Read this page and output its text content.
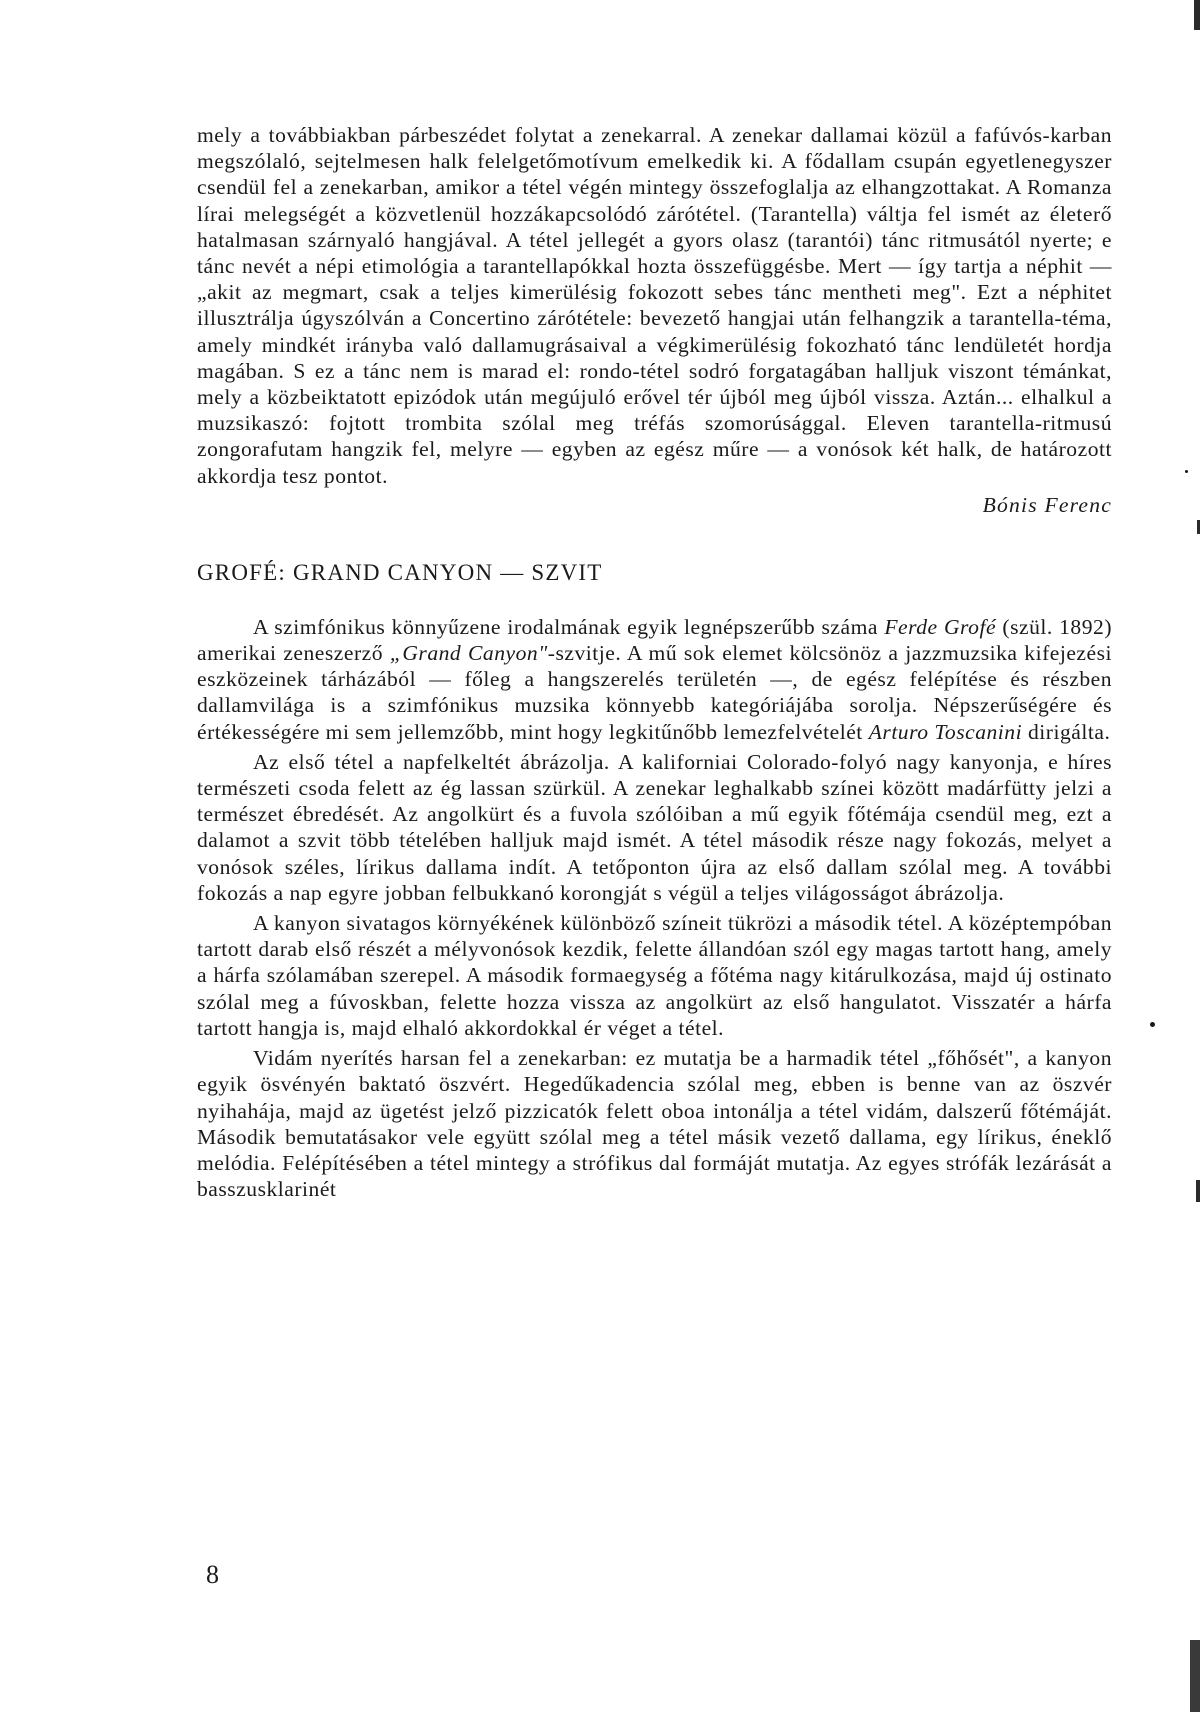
mely a továbbiakban párbeszédet folytat a zenekarral. A zenekar dallamai közül a fafúvós-karban megszólaló, sejtelmesen halk felelgetőmotívum emelkedik ki. A fődallam csupán egyetlenegyszer csendül fel a zenekarban, amikor a tétel végén mintegy összefoglalja az elhangzottakat. A Romanza lírai melegségét a közvetlenül hozzákapcsolódó zárótétel. (Tarantella) váltja fel ismét az életerő hatalmasan szárnyaló hangjával. A tétel jellegét a gyors olasz (tarantói) tánc ritmusától nyerte; e tánc nevét a népi etimológia a tarantellapókkal hozta összefüggésbe. Mert — így tartja a néphit — „akit az megmart, csak a teljes kimerülésig fokozott sebes tánc mentheti meg". Ezt a néphitet illusztrálja úgyszólván a Concertino zárótétele: bevezető hangjai után felhangzik a tarantella-téma, amely mindkét irányba való dallamugrásaival a végkimerülésig fokozható tánc lendületét hordja magában. S ez a tánc nem is marad el: rondo-tétel sodró forgatagában halljuk viszont témánkat, mely a közbeiktatott epizódok után megújuló erővel tér újból meg újból vissza. Aztán... elhalkul a muzsikaszó: fojtott trombita szólal meg tréfás szomorúsággal. Eleven tarantella-ritmusú zongorafutam hangzik fel, melyre — egyben az egész műre — a vonósok két halk, de határozott akkordja tesz pontot.

Bónis Ferenc

GROFÉ: GRAND CANYON — SZVIT

A szimfónikus könnyűzene irodalmának egyik legnépszerűbb száma Ferde Grofé (szül. 1892) amerikai zeneszerző „Grand Canyon"-szvitje. A mű sok elemet kölcsönöz a jazzmuzsika kifejezési eszközeinek tárházából — főleg a hangszerelés területén —, de egész felépítése és részben dallamvilága is a szimfónikus muzsika könnyebb kategóriájába sorolja. Népszerűségére és értékességére mi sem jellemzőbb, mint hogy legkitűnőbb lemezfelvételét Arturo Toscanini dirigálta.

Az első tétel a napfelkeltét ábrázolja. A kaliforniai Colorado-folyó nagy kanyonja, e híres természeti csoda felett az ég lassan szürkül. A zenekar leghalkabb színei között madárfütty jelzi a természet ébredését. Az angolkürt és a fuvola szólóiban a mű egyik főtémája csendül meg, ezt a dalamot a szvit több tételében halljuk majd ismét. A tétel második része nagy fokozás, melyet a vonósok széles, lírikus dallama indít. A tetőponton újra az első dallam szólal meg. A további fokozás a nap egyre jobban felbukkanó korongját s végül a teljes világosságot ábrázolja.

A kanyon sivatagos környékének különböző színeit tükrözi a második tétel. A középtempóban tartott darab első részét a mélyvonósok kezdik, felette állandóan szól egy magas tartott hang, amely a hárfa szólamában szerepel. A második formaegység a főtéma nagy kitárulkozása, majd új ostinato szólal meg a fúvoskban, felette hozza vissza az angolkürt az első hangulatot. Visszatér a hárfa tartott hangja is, majd elhaló akkordokkal ér véget a tétel.

Vidám nyerítés harsan fel a zenekarban: ez mutatja be a harmadik tétel „főhősét", a kanyon egyik ösvényén baktató öszvért. Hegedűkadencia szólal meg, ebben is benne van az öszvér nyihahája, majd az ügetést jelző pizzicatók felett oboa intonálja a tétel vidám, dalszerű főtémáját. Második bemutatásakor vele együtt szólal meg a tétel másik vezető dallama, egy lírikus, éneklő melódia. Felépítésében a tétel mintegy a strófikus dal formáját mutatja. Az egyes strófák lezárását a basszusklarinét

8
